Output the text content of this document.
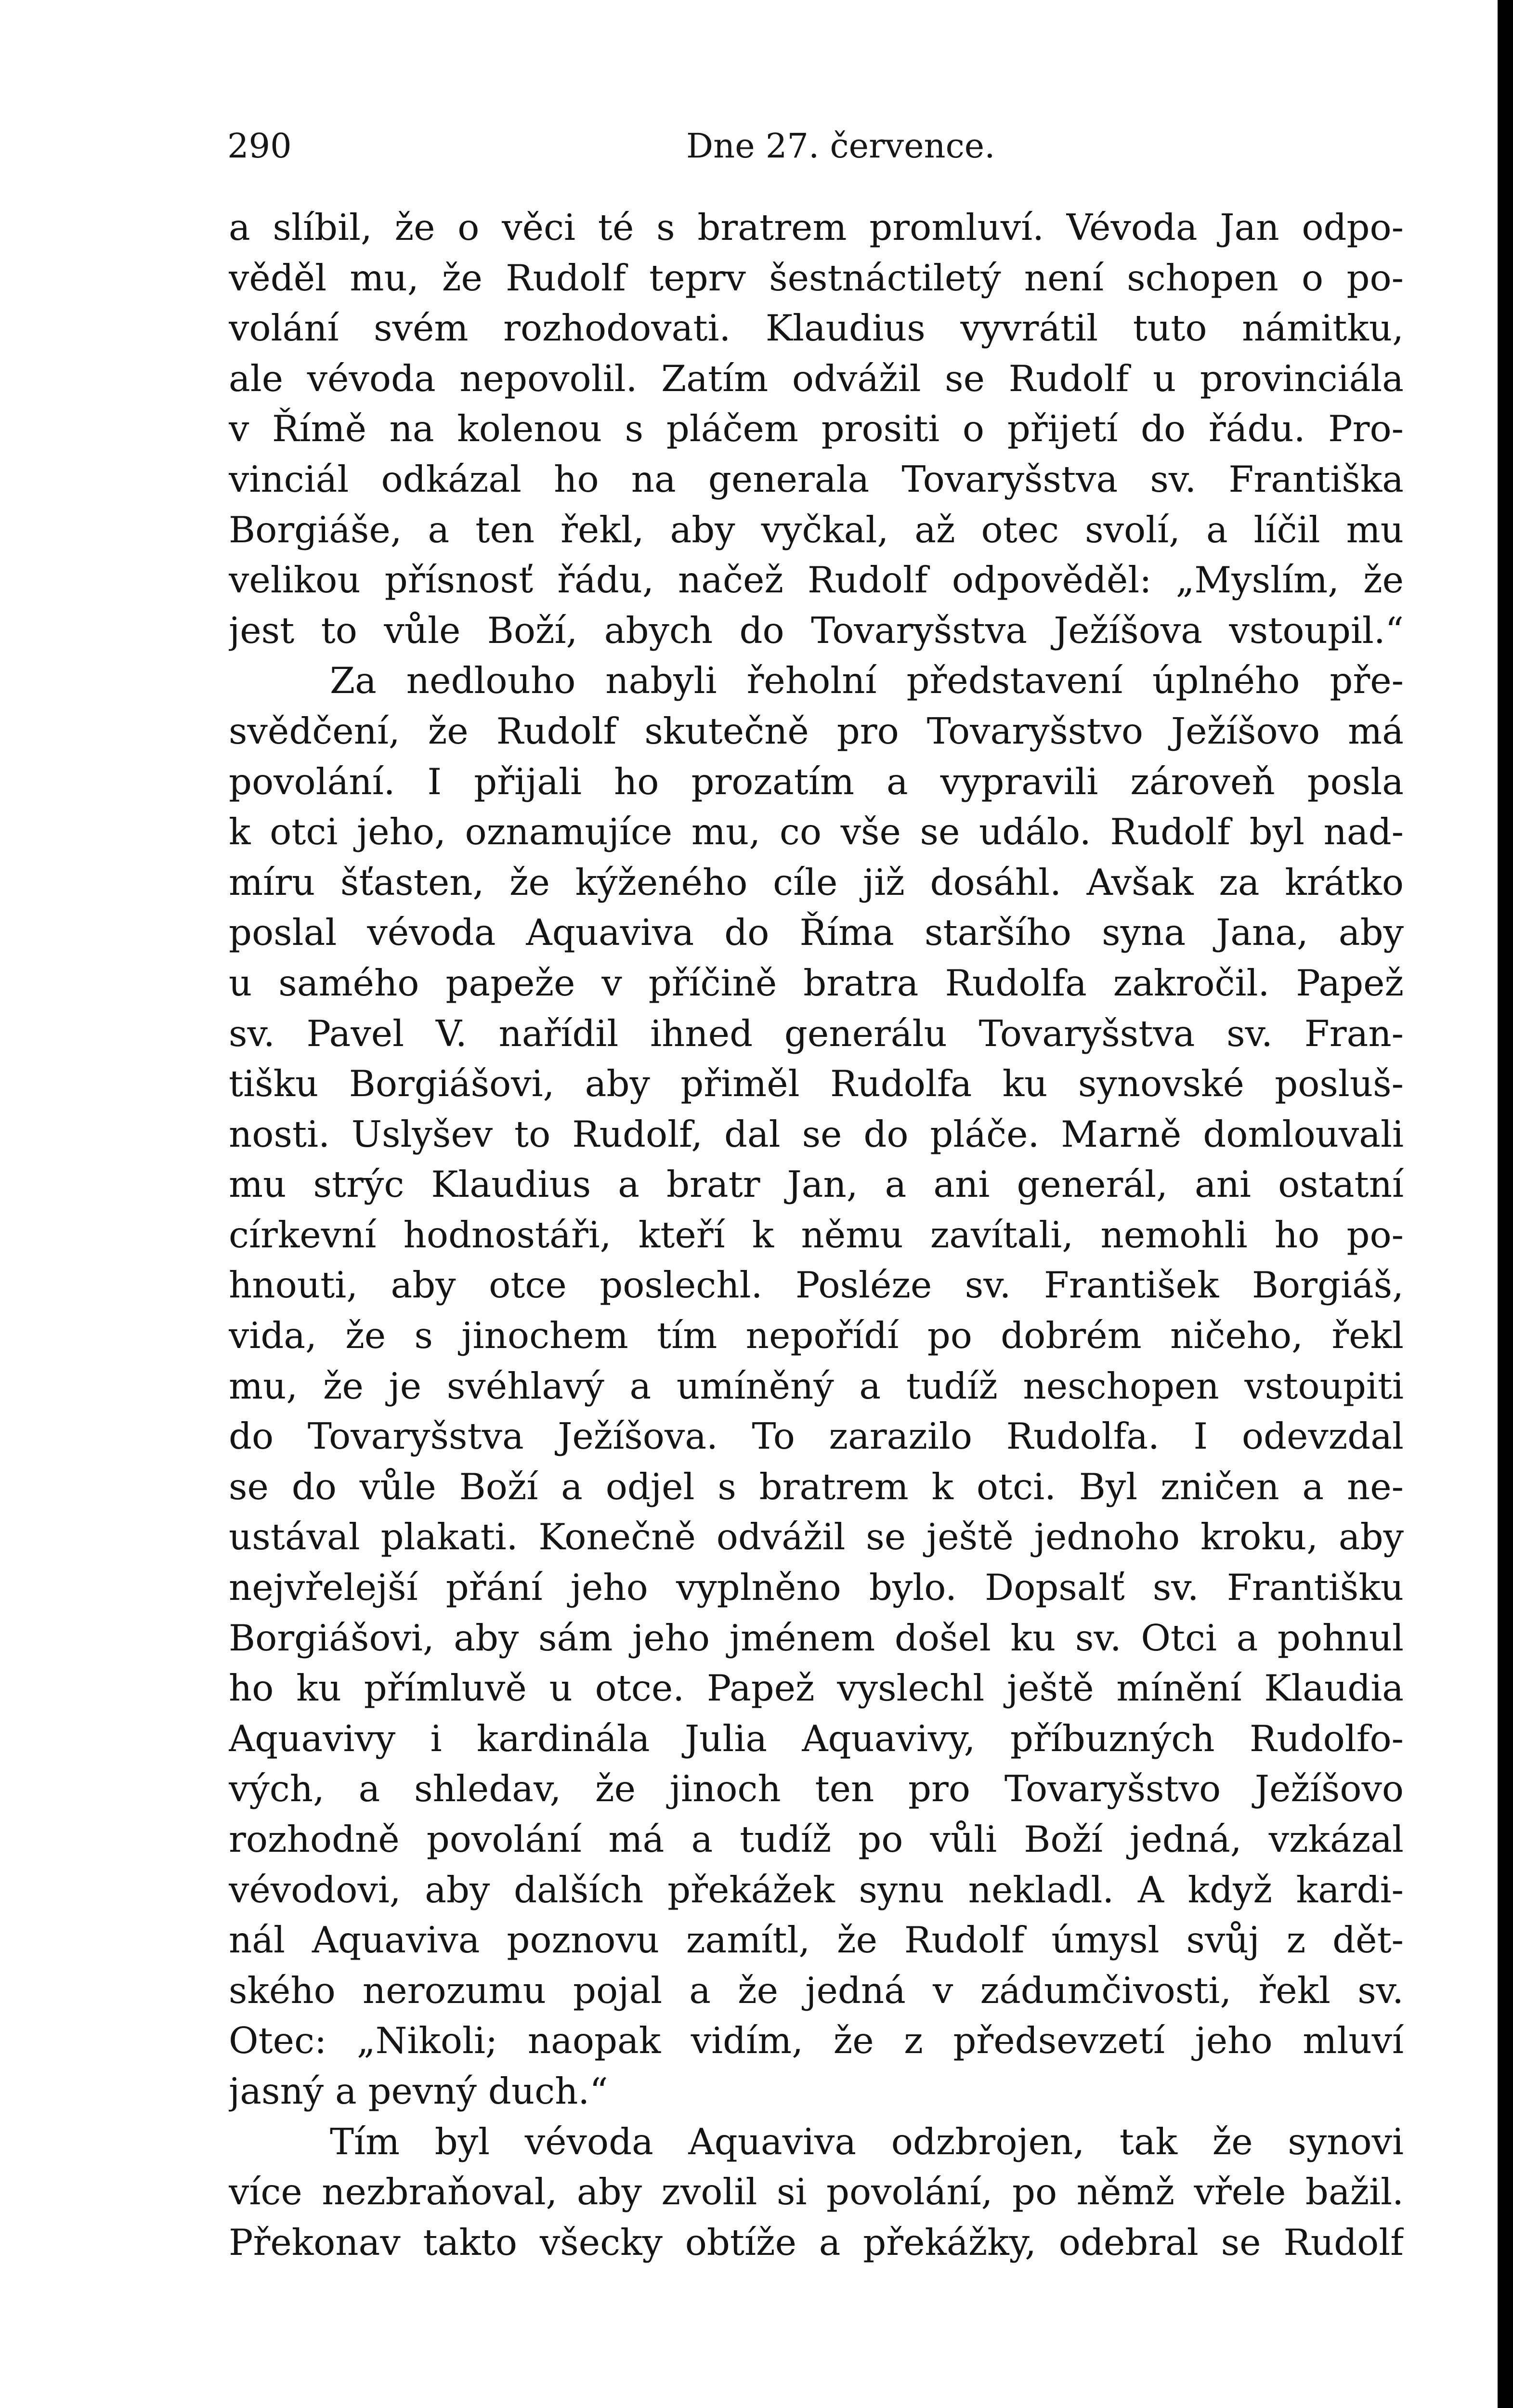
290	Dne 27. července.
a slíbil, že o věci té s bratrem promluví. Vévoda Jan odpo-
věděl mu, že Rudolf teprv šestnáctiletý není schopen o po-
volání svém rozhodovati. Klaudius vyvrátil tuto námitku,
ale vévoda nepovolil. Zatím odvážil se Rudolf u provinciála
v Římě na kolenou s pláčem prositi o přijetí do řádu. Pro-
vinciál odkázal ho na generala Tovaryšstva sv. Františka
Borgiáše, a ten řekl, aby vyčkal, až otec svolí, a líčil mu
velikou přísnosť řádu, načež Rudolf odpověděl: „Myslím, že
jest to vůle Boží, abych do Tovaryšstva Ježíšova vstoupil.“
Za nedlouho nabyli řeholní představení úplného pře-
svědčení, že Rudolf skutečně pro Tovaryšstvo Ježíšovo má
povolání. I přijali ho prozatím a vypravili zároveň posla
k otci jeho, oznamujíce mu, co vše se událo. Rudolf byl nad-
míru šťasten, že kýženého cíle již dosáhl. Avšak za krátko
poslal vévoda Aquaviva do Říma staršího syna Jana, aby
u samého papeže v příčině bratra Rudolfa zakročil. Papež
sv. Pavel V. nařídil ihned generálu Tovaryšstva sv. Fran-
tišku Borgiášovi, aby přiměl Rudolfa ku synovské posluš-
nosti. Uslyšev to Rudolf, dal se do pláče. Marně domlouvali
mu strýc Klaudius a bratr Jan, a ani generál, ani ostatní
církevní hodnostáři, kteří k němu zavítali, nemohli ho po-
hnouti, aby otce poslechl. Posléze sv. František Borgiáš,
vida, že s jinochem tím nepořídí po dobrém ničeho, řekl
mu, že je svéhlavý a umíněný a tudíž neschopen vstoupiti
do Tovaryšstva Ježíšova. To zarazilo Rudolfa. I odevzdal
se do vůle Boží a odjel s bratrem k otci. Byl zničen a ne-
ustával plakati. Konečně odvážil se ještě jednoho kroku, aby
nejvřelejší přání jeho vyplněno bylo. Dopsalť sv. Františku
Borgiášovi, aby sám jeho jménem došel ku sv. Otci a pohnul
ho ku přímluvě u otce. Papež vyslechl ještě mínění Klaudia
Aquavivy i kardinála Julia Aquavivy, příbuzných Rudolfo-
vých, a shledav, že jinoch ten pro Tovaryšstvo Ježíšovo
rozhodně povolání má a tudíž po vůli Boží jedná, vzkázal
vévodovi, aby dalších překážek synu nekladl. A když kardi-
nál Aquaviva poznovu zamítl, že Rudolf úmysl svůj z dět-
ského nerozumu pojal a že jedná v zádumčivosti, řekl sv.
Otec: „Nikoli; naopak vidím, že z předsevzetí jeho mluví
jasný a pevný duch.“
Tím byl vévoda Aquaviva odzbrojen, tak že synovi
více nezbraňoval, aby zvolil si povolání, po němž vřele bažil.
Překonav takto všecky obtíže a překážky, odebral se Rudolf
